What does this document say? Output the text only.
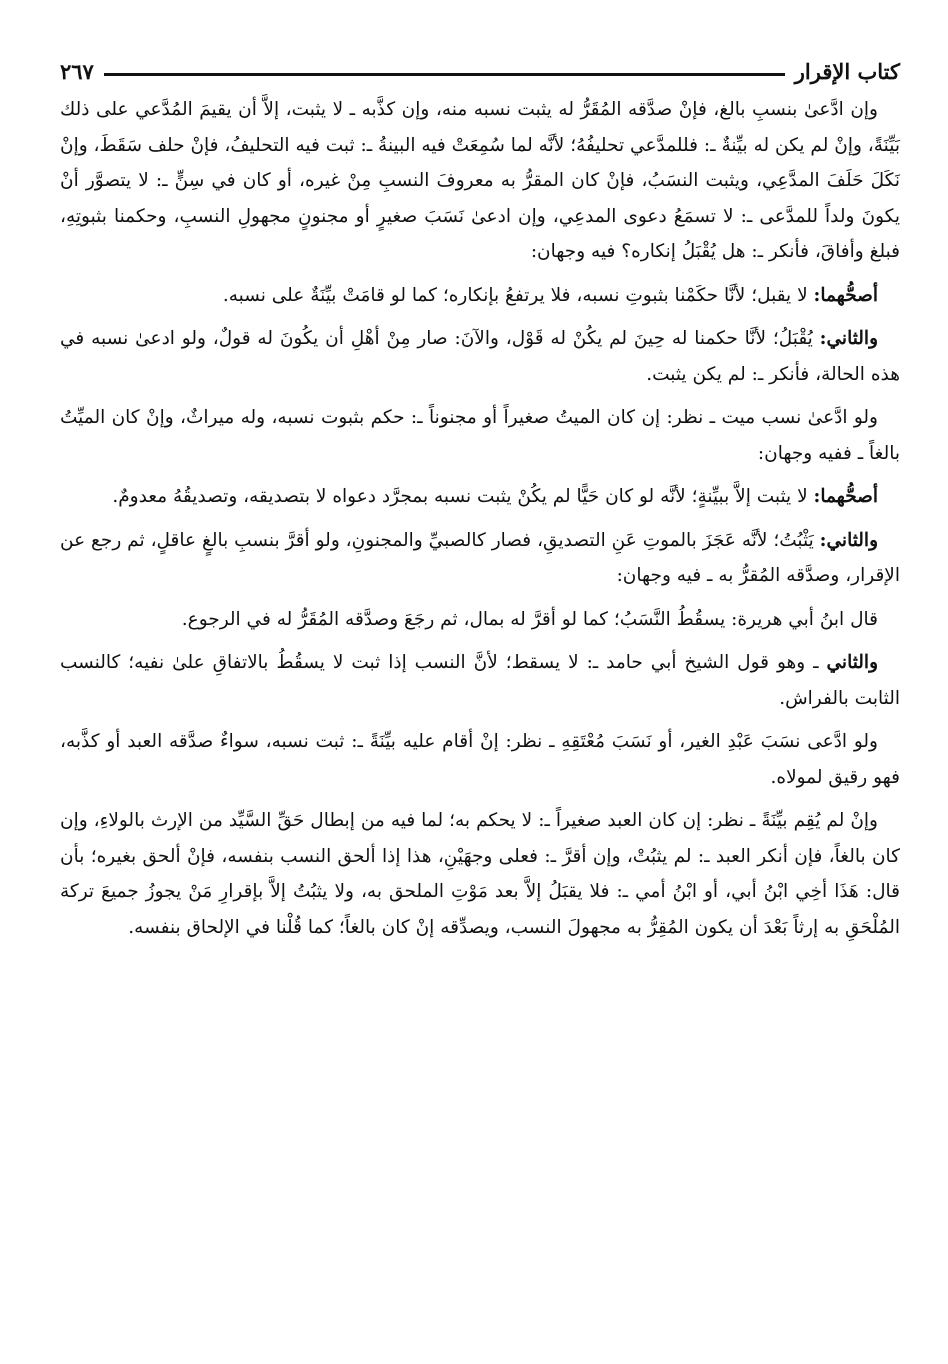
كتاب الإقرار
٢٦٧

وإن ادَّعىٰ بنسبِ بالغ، فإنْ صدَّقه المُقَرُّ له يثبت نسبه منه، وإن كذَّبه ـ لا يثبت، إلاَّ أن يقيمَ المُدَّعي على ذلك بَيِّنَةً، وإنْ لم يكن له بيِّنةٌ ـ: فللمدَّعي تحليفُهُ؛ لأنَّه لما سُمِعَتْ فيه البينةُ ـ: ثبت فيه التحليفُ، فإنْ حلف سَقَطَ، وإنْ نَكَلَ حَلَفَ المدَّعِي، ويثبت النسَبُ، فإنْ كان المقرُّ به معروفَ النسبِ مِنْ غيره، أو كان في سِنٍّ ـ: لا يتصوَّر أنْ يكونَ ولداً للمدَّعى ـ: لا تسمَعُ دعوى المدعِي، وإن ادعىٰ نَسَبَ صغيرٍ أو مجنونٍ مجهولِ النسبِ، وحكمنا بثبوتِهِ، فبلغ وأفاقَ، فأنكر ـ: هل يُقْبَلُ إنكاره؟ فيه وجهان:

أصحُّهما: لا يقبل؛ لأنَّا حكَمْنا بثبوتِ نسبه، فلا يرتفعُ بإنكاره؛ كما لو قامَتْ بيِّنَةٌ على نسبه.

والثاني: يُقْبَلُ؛ لأنَّا حكمنا له حِينَ لم يكُنْ له قَوْل، والآنَ: صار مِنْ أهْلِ أن يكُونَ له قولٌ، ولو ادعىٰ نسبه في هذه الحالة، فأنكر ـ: لم يكن يثبت.

ولو ادَّعىٰ نسب ميت ـ نظر: إن كان الميتُ صغيراً أو مجنوناً ـ: حكم بثبوت نسبه، وله ميراثٌ، وإنْ كان الميِّتُ بالغاً ـ ففيه وجهان:

أصحُّهما: لا يثبت إلاَّ ببيِّنةٍ؛ لأنَّه لو كان حَيًّا لم يكُنْ يثبت نسبه بمجرَّد دعواه لا بتصديقه، وتصديقُهُ معدومٌ.

والثاني: يَثْبُتُ؛ لأنَّه عَجَزَ بالموتِ عَنِ التصديقِ، فصار كالصبيِّ والمجنونِ، ولو أقرَّ بنسبِ بالغٍ عاقلٍ، ثم رجع عن الإقرار، وصدَّقه المُقرُّ به ـ فيه وجهان:

قال ابنُ أبي هريرة: يسقُطُ النَّسَبُ؛ كما لو أقرَّ له بمال، ثم رجَعَ وصدَّقه المُقَرُّ له في الرجوع.

والثاني ـ وهو قول الشيخ أبي حامد ـ: لا يسقط؛ لأنَّ النسب إذا ثبت لا يسقُطُ بالاتفاقِ علىٰ نفيه؛ كالنسب الثابت بالفراش.

ولو ادَّعى نسَبَ عَبْدِ الغير، أو نَسَبَ مُعْتَقِهِ ـ نظر: إنْ أقام عليه بيِّنَةً ـ: ثبت نسبه، سواءٌ صدَّقه العبد أو كذَّبه، فهو رقيق لمولاه.

وإنْ لم يُقِم بيِّنَةً ـ نظر: إن كان العبد صغيراً ـ: لا يحكم به؛ لما فيه من إبطال حَقِّ السَّيِّد من الإرث بالولاءِ، وإن كان بالغاً، فإن أنكر العبد ـ: لم يثبُتْ، وإن أقرَّ ـ: فعلى وجهَيْنِ، هذا إذا ألحق النسب بنفسه، فإنْ ألحق بغيره؛ بأن قال: هَذَا أخِي ابْنُ أبي، أو ابْنُ أمي ـ: فلا يقبَلُ إلاَّ بعد مَوْتِ الملحق به، ولا يثبُتُ إلاَّ بإقرارِ مَنْ يجوزُ جميعَ تركة المُلْحَقِ به إرثاً بَعْدَ أن يكون المُقِرُّ به مجهولَ النسب، ويصدِّقه إنْ كان بالغاً؛ كما قُلْنا في الإلحاق بنفسه.
